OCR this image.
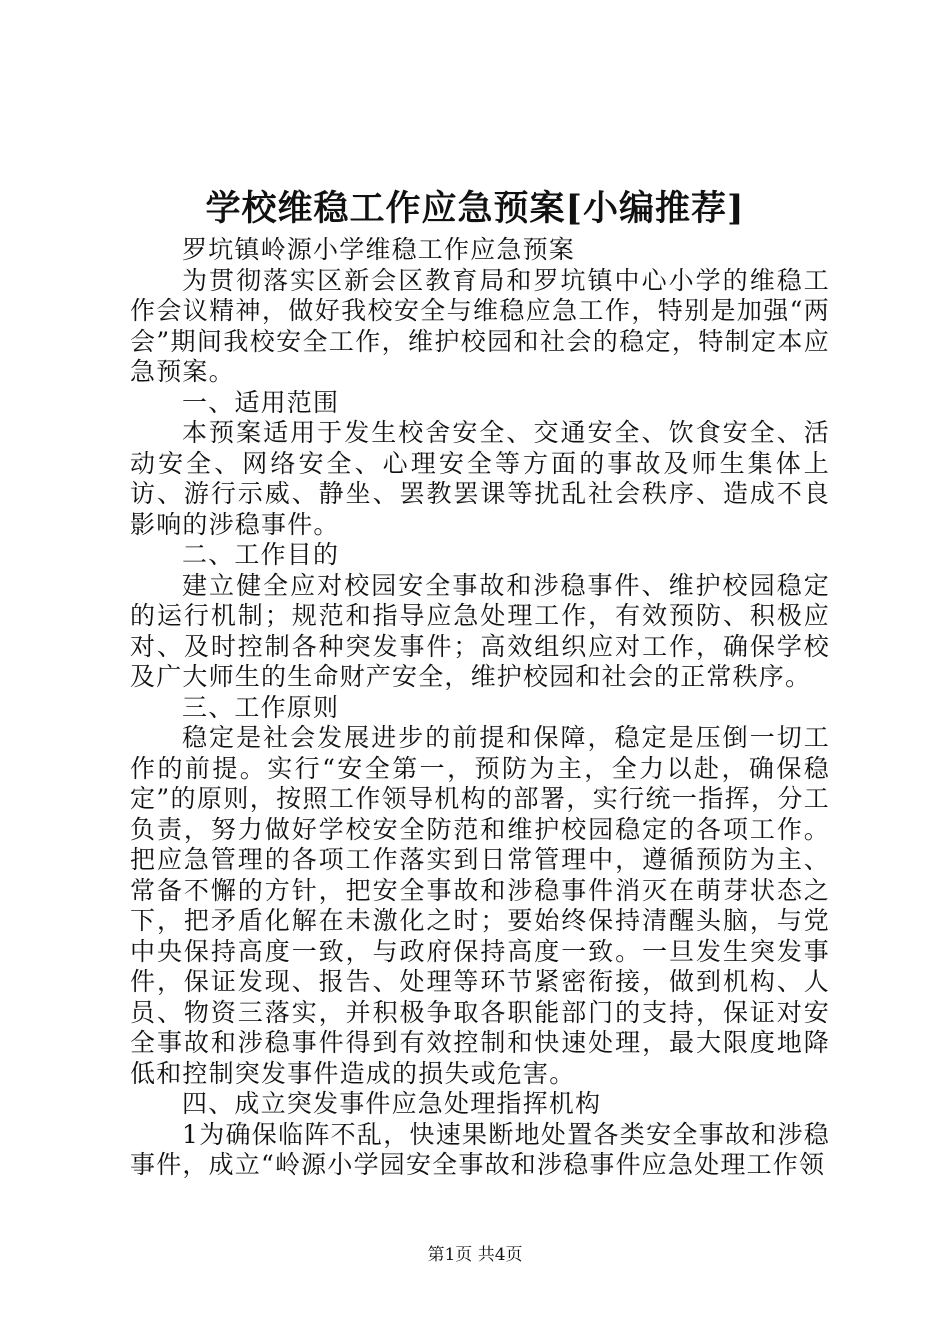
学校维稳工作应急预案[小编推荐]

罗坑镇岭源小学维稳工作应急预案

为贯彻落实区新会区教育局和罗坑镇中心小学的维稳工作会议精神，做好我校安全与维稳应急工作，特别是加强“两会”期间我校安全工作，维护校园和社会的稳定，特制定本应急预案。

一、适用范围

本预案适用于发生校舍安全、交通安全、饮食安全、活动安全、网络安全、心理安全等方面的事故及师生集体上访、游行示威、静坐、罢教罢课等扰乱社会秩序、造成不良影响的涉稳事件。

二、工作目的

建立健全应对校园安全事故和涉稳事件、维护校园稳定的运行机制；规范和指导应急处理工作，有效预防、积极应对、及时控制各种突发事件；高效组织应对工作，确保学校及广大师生的生命财产安全，维护校园和社会的正常秩序。

三、工作原则

稳定是社会发展进步的前提和保障，稳定是压倒一切工作的前提。实行“安全第一，预防为主，全力以赴，确保稳定”的原则，按照工作领导机构的部署，实行统一指挥，分工负责，努力做好学校安全防范和维护校园稳定的各项工作。把应急管理的各项工作落实到日常管理中，遵循预防为主、常备不懈的方针，把安全事故和涉稳事件消灭在萌芽状态之下，把矛盾化解在未激化之时；要始终保持清醒头脑，与党中央保持高度一致，与政府保持高度一致。一旦发生突发事件，保证发现、报告、处理等环节紧密衔接，做到机构、人员、物资三落实，并积极争取各职能部门的支持，保证对安全事故和涉稳事件得到有效控制和快速处理，最大限度地降低和控制突发事件造成的损失或危害。

四、成立突发事件应急处理指挥机构

1为确保临阵不乱，快速果断地处置各类安全事故和涉稳事件，成立“岭源小学园安全事故和涉稳事件应急处理工作领

第1页 共4页
